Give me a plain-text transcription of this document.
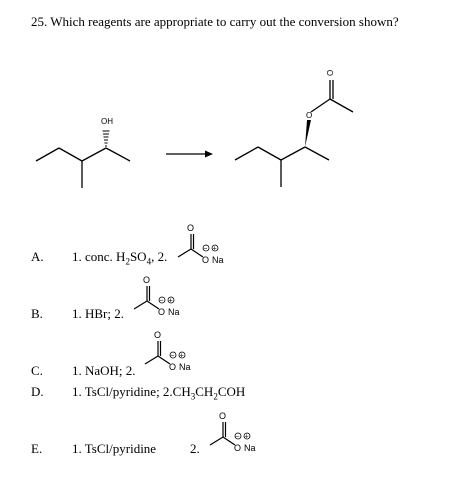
25. Which reagents are appropriate to carry out the conversion shown?
OH
O
O
A. 1. conc. $H_2SO_4$, 2.
B. 1. HBr; 2.
C. 1. NaOH; 2.
D. 1. TsCl/pyridine; $2.CH_3CH_2COH$
E. 1. TsCl/pyridine	2.
O
O Na
− +
O
O Na
− +
O
O Na
− +
O
O Na
− +
